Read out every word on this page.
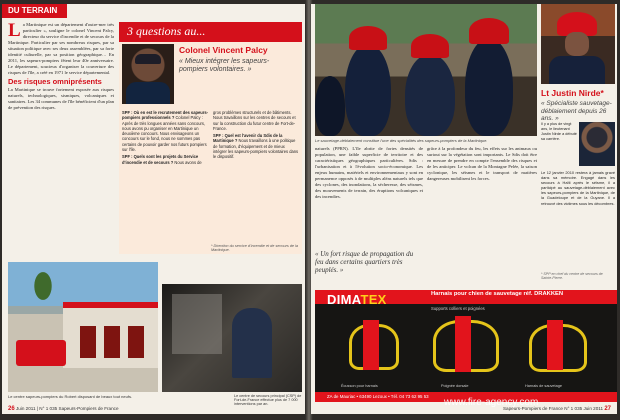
DU TERRAIN
L a Martinique est un département d'outre-mer très particulier », souligne le colonel Vincent Palcy, directeur du service d'incendie et de secours de la Martinique. Particulier par ses nombreux risques, par sa situation politique avec ses deux assemblées, par sa forte identité culturelle, par sa position géographique… En 2011, les sapeurs-pompiers fêtent leur 40e anniversaire. Le département, soucieux d'organiser la couverture des risques de l'île, a créé en 1971 le service départemental.

Des risques omniprésents

La Martinique se trouve fortement exposée aux risques naturels, technologiques, sismiques, volcaniques et sanitaires. Les 34 communes de l'île bénéficient d'un plan de prévention des risques.

3 questions au...
Colonel Vincent Palcy
« Mieux intégrer les sapeurs-pompiers volontaires. »

SPF : Où en est le recrutement des sapeurs-pompiers professionnels ? Colonel Palcy : Après de très longues années sans concours, nous avons pu organiser en Martinique un deuxième concours. Nous envisageons un concours sur le fond, nous ne sommes pas certains de pouvoir garder nos futurs pompiers sur l'île.

SPF : Quels sont les projets du Service d'incendie et de secours ? Nous avons de gros problèmes structurels et de bâtiments. Nous travaillons sur les centres de secours et sur la construction du futur centre de Fort-de-France.

SPF : Quel est l'avenir du Sdis de la Martinique ? Nous travaillons à une politique de formation, d'équipement et de mieux intégrer les sapeurs-pompiers volontaires dans le dispositif.

* Direction du service d'incendie et de secours de la Martinique.
Le centre sapeurs-pompiers du Robert disposant de beaux tout neufs.	Le centre de secours principal (CSP) de Fort-de-France effectue plus de 7 000 interventions par an.
26 Juin 2011 | N° 1 035 Sapeurs-Pompiers de France
Le sauvetage-déblaiement constitue l'une des spécialités des sapeurs-pompiers de la Martinique.

naturels (PPRN). L'île abrite de fortes densités de population, une faible superficie de territoire et des caractéristiques géographiques particulières. Sdis : l'urbanisation et à l'évolution socio-économique. Les enjeux humains, matériels et environnementaux y sont en permanence opposés à de multiples aléas naturels tels que des cyclones, des inondations, la sécheresse, des séismes, des mouvements de terrain, des éruptions volcaniques et des incendies.

grâce à la profondeur du feu, les effets sur les animaux ou surtout sur la végétation sont importants. Le Sdis doit être en mesure de prendre en compte l'ensemble des risques et de les anticiper. Le volcan de la Montagne Pelée, la saison cyclonique, les séismes et le transport de matières dangereuses mobilisent les forces.

« Un fort risque de propagation du feu dans certains quartiers très peuplés. »
Lt Justin Nirde*
« Spécialiste sauvetage-déblaiement depuis 26 ans. »
Il y a plus de vingt ans, le lieutenant Justin Nirde a débuté sa carrière.
Le 12 janvier 2010 restera à jamais gravé dans sa mémoire. Engagé dans les secours à Haïti après le séisme, il a participé au sauvetage-déblaiement avec les sapeurs-pompiers de la Martinique, de la Guadeloupe et de la Guyane. Il a retrouvé des victimes sous les décombres.
* SPP en chef du centre de secours de Sainte-Pierre.
DIMATEX	Harnais pour chien de sauvetage réf. DRAKKEN
Supports colliers et poignées
Écusson pour harnais	Poignée dorsale	Harnais de sauvetage
ZA de Mauriac • 63490 Lezoux • Tél. 04 73 62 95 53
Sapeurs-Pompiers de France N° 1 035 Juin 2011 27
www.fire-agency.com
